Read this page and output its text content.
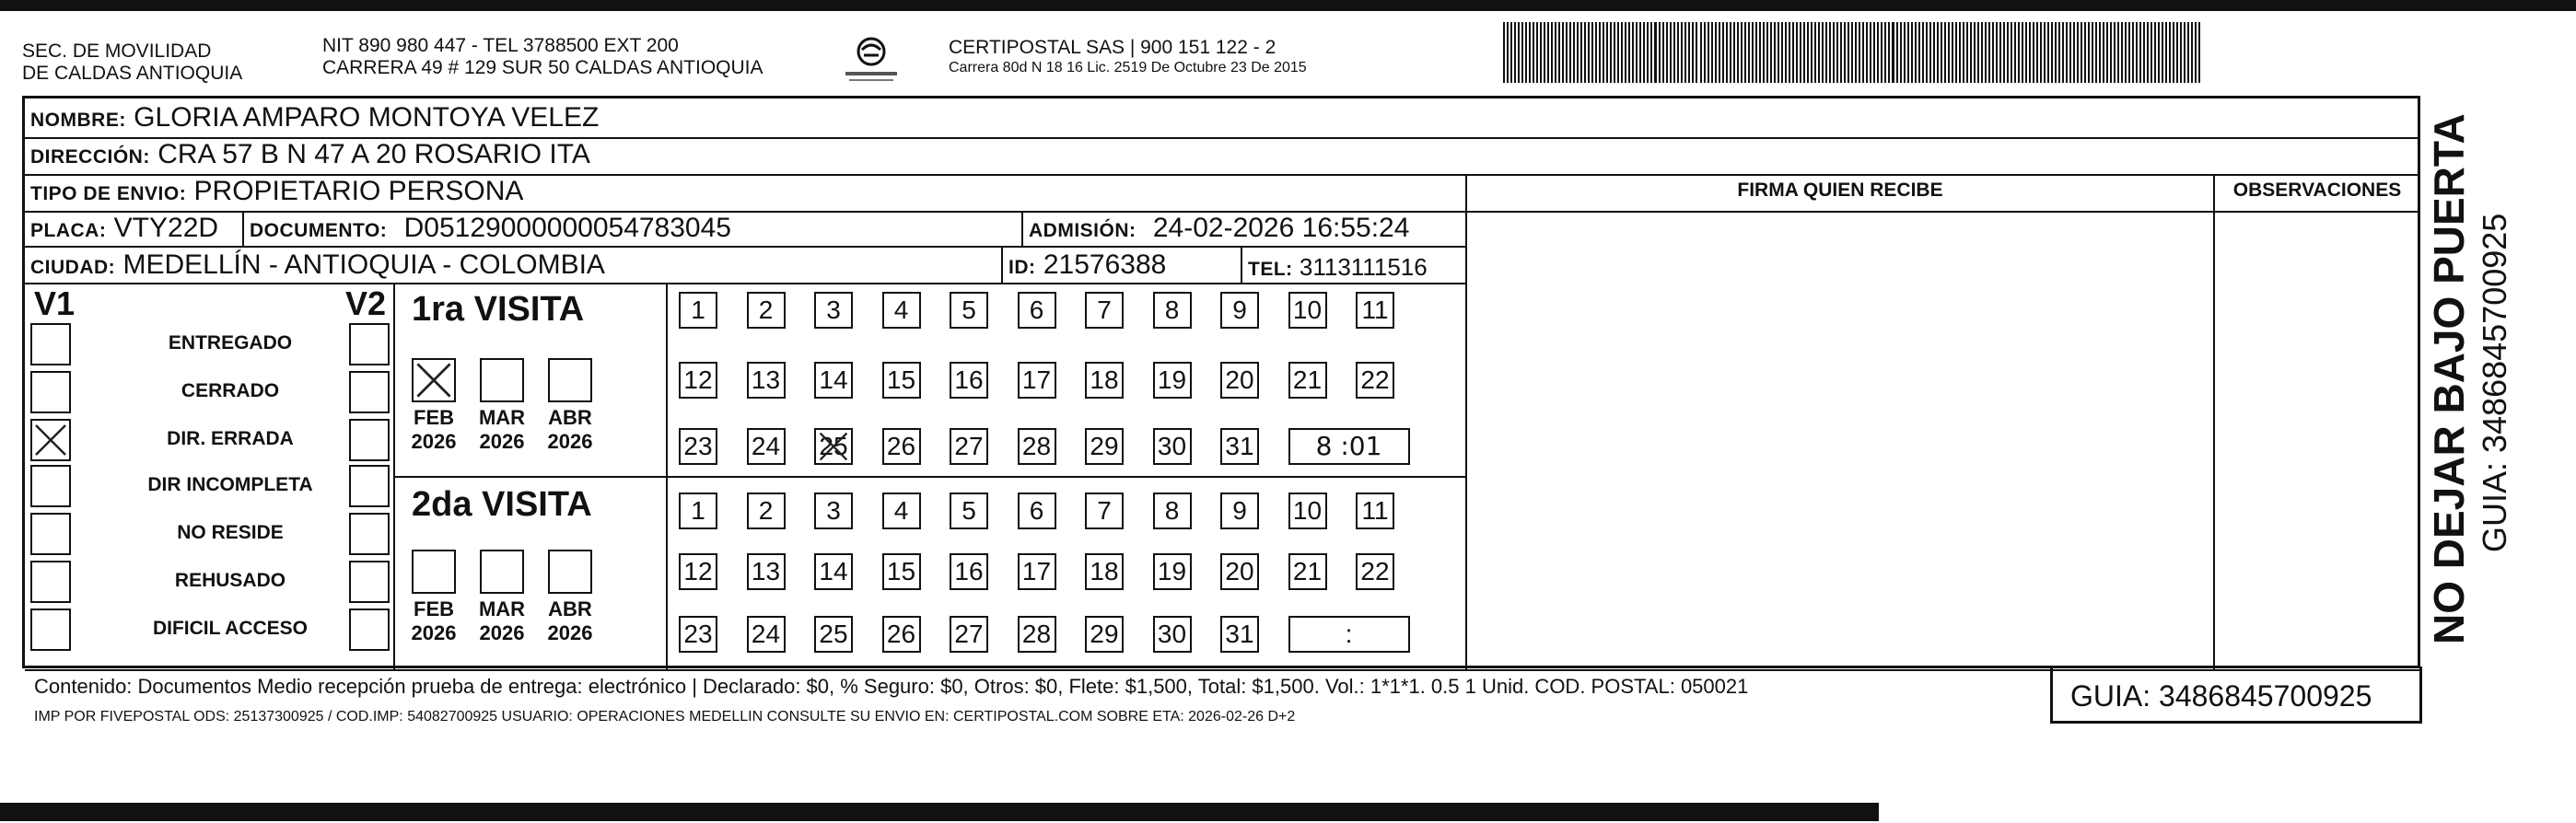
SEC. DE MOVILIDAD
DE CALDAS ANTIOQUIA
NIT 890 980 447 - TEL 3788500 EXT 200
CARRERA 49 # 129 SUR 50 CALDAS ANTIOQUIA
CERTIPOSTAL SAS | 900 151 122 - 2
Carrera 80d N 18 16 Lic. 2519 De Octubre 23 De 2015
NOMBRE: GLORIA AMPARO MONTOYA VELEZ
DIRECCIÓN: CRA 57 B N 47 A 20 ROSARIO ITA
TIPO DE ENVIO: PROPIETARIO PERSONA	FIRMA QUIEN RECIBE	OBSERVACIONES
PLACA: VTY22D DOCUMENTO: D05129000000054783045	ADMISIÓN: 24-02-2026 16:55:24
CIUDAD: MEDELLÍN - ANTIOQUIA - COLOMBIA	ID: 21576388	TEL: 3113111516
V1	V2
ENTREGADO
CERRADO
DIR. ERRADA
DIR INCOMPLETA
NO RESIDE
REHUSADO
DIFICIL ACCESO
1ra VISITA
FEB
2026
MAR
2026
ABR
2026
1	2	3	4	5	6	7	8	9	10 11
12 13 14 15 16 17 18 19 20 21 22
23 24 25 26 27 28 29 30 31	8 :01
2da VISITA
FEB
2026
MAR
2026
ABR
2026
1	2	3	4	5	6	7	8	9	10 11
12 13 14 15 16 17 18 19 20 21 22
23 24 25 26 27 28 29 30 31	:
Contenido: Documentos Medio recepción prueba de entrega: electrónico | Declarado: $0, % Seguro: $0, Otros: $0, Flete: $1,500, Total: $1,500. Vol.: 1*1*1. 0.5 1 Unid. COD. POSTAL: 050021
IMP POR FIVEPOSTAL ODS: 25137300925 / COD.IMP: 54082700925 USUARIO: OPERACIONES MEDELLIN CONSULTE SU ENVIO EN: CERTIPOSTAL.COM SOBRE ETA: 2026-02-26 D+2
GUIA: 3486845700925
NO DEJAR BAJO PUERTA GUIA: 3486845700925
